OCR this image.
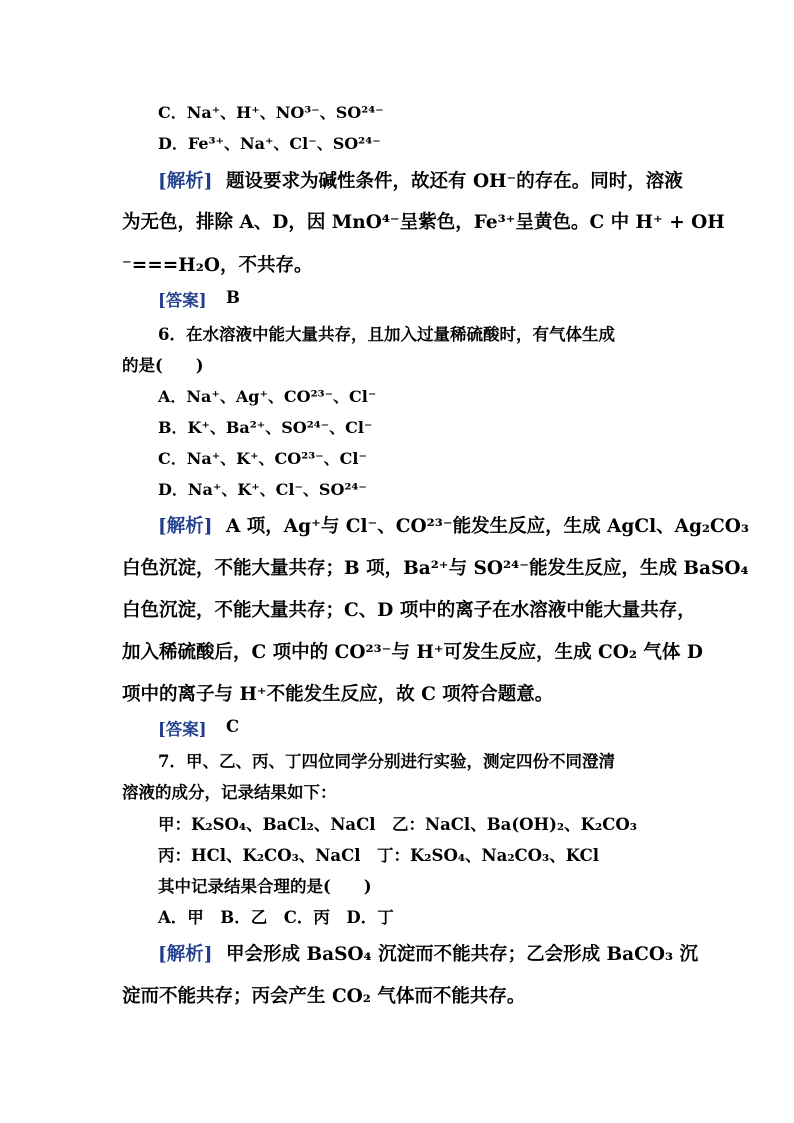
C．Na⁺、H⁺、NO³⁻、SO²⁴⁻
D．Fe³⁺、Na⁺、Cl⁻、SO²⁴⁻
[解析] 题设要求为碱性条件，故还有 OH⁻的存在。同时，溶液
为无色，排除 A、D，因 MnO⁴⁻呈紫色，Fe³⁺呈黄色。C 中 H⁺ + OH
⁻===H₂O，不共存。
[答案] B
6．在水溶液中能大量共存，且加入过量稀硫酸时，有气体生成
的是(　　)
A．Na⁺、Ag⁺、CO²³⁻、Cl⁻
B．K⁺、Ba²⁺、SO²⁴⁻、Cl⁻
C．Na⁺、K⁺、CO²³⁻、Cl⁻
D．Na⁺、K⁺、Cl⁻、SO²⁴⁻
[解析] A 项，Ag⁺与 Cl⁻、CO²³⁻能发生反应，生成 AgCl、Ag₂CO₃
白色沉淀，不能大量共存；B 项，Ba²⁺与 SO²⁴⁻能发生反应，生成 BaSO₄
白色沉淀，不能大量共存；C、D 项中的离子在水溶液中能大量共存，
加入稀硫酸后，C 项中的 CO²³⁻与 H⁺可发生反应，生成 CO₂ 气体 D
项中的离子与 H⁺不能发生反应，故 C 项符合题意。
[答案] C
7．甲、乙、丙、丁四位同学分别进行实验，测定四份不同澄清
溶液的成分，记录结果如下：
甲：K₂SO₄、BaCl₂、NaCl　乙：NaCl、Ba(OH)₂、K₂CO₃
丙：HCl、K₂CO₃、NaCl　丁：K₂SO₄、Na₂CO₃、KCl
其中记录结果合理的是(　　)
A．甲　B．乙　C．丙　D．丁
[解析] 甲会形成 BaSO₄ 沉淀而不能共存；乙会形成 BaCO₃ 沉
淀而不能共存；丙会产生 CO₂ 气体而不能共存。
